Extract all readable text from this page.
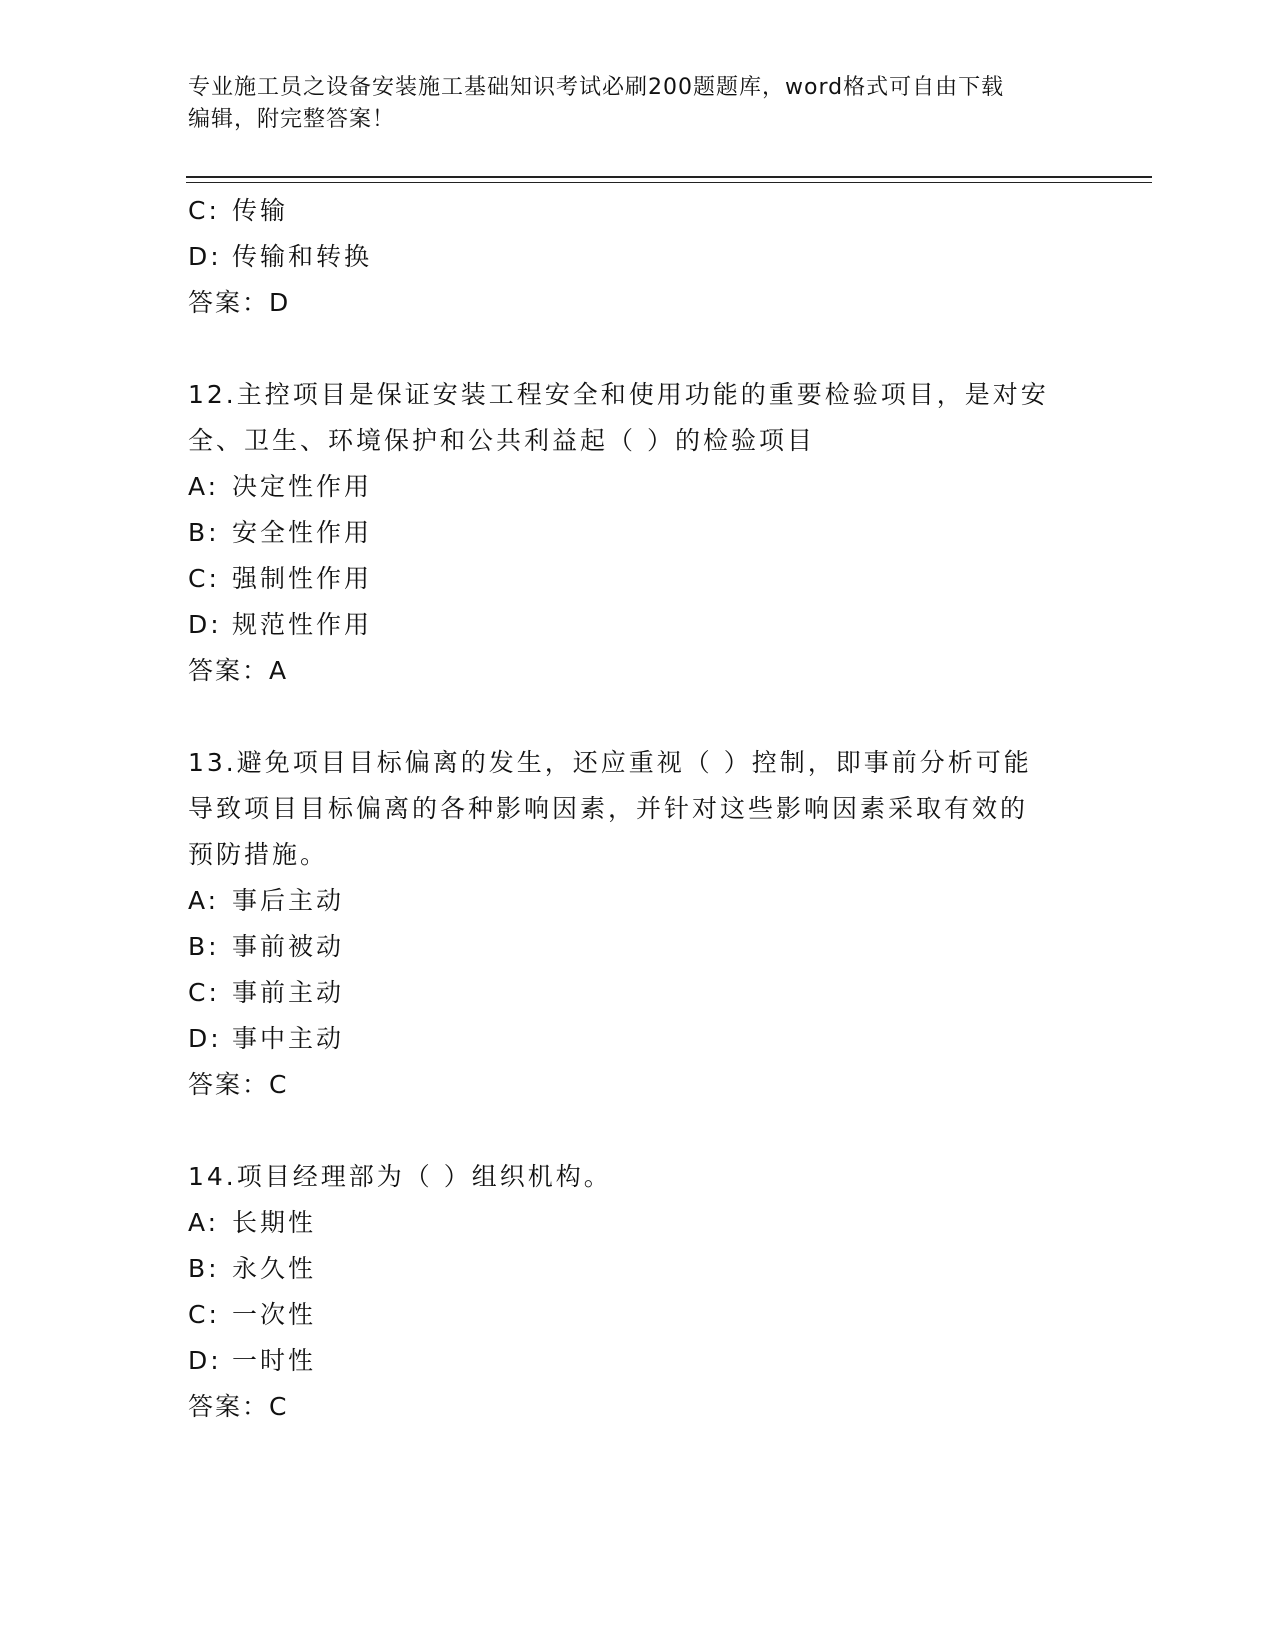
专业施工员之设备安装施工基础知识考试必刷200题题库，word格式可自由下载
编辑，附完整答案！
C: 传输
D: 传输和转换
答案：D
12.主控项目是保证安装工程安全和使用功能的重要检验项目，是对安
全、卫生、环境保护和公共利益起（ ）的检验项目
A: 决定性作用
B: 安全性作用
C: 强制性作用
D: 规范性作用
答案：A
13.避免项目目标偏离的发生，还应重视（ ）控制，即事前分析可能
导致项目目标偏离的各种影响因素，并针对这些影响因素采取有效的
预防措施。
A: 事后主动
B: 事前被动
C: 事前主动
D: 事中主动
答案：C
14.项目经理部为（ ）组织机构。
A: 长期性
B: 永久性
C: 一次性
D: 一时性
答案：C
